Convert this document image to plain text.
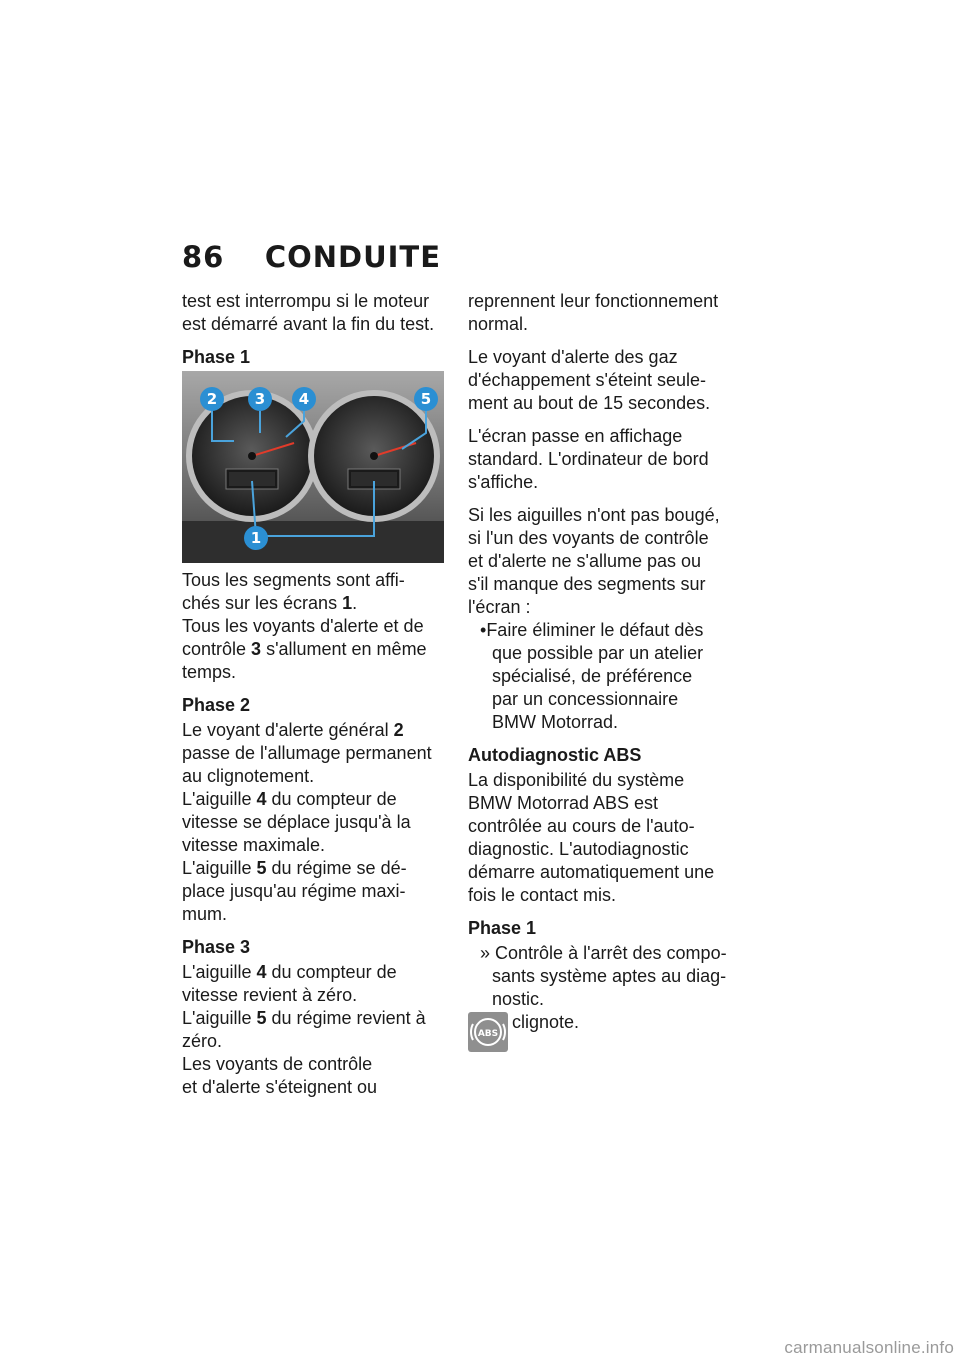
86 CONDUITE

test est interrompu si le moteur
est démarré avant la fin du test.

Phase 1

2	3 4	5
1

Tous les segments sont affi-
chés sur les écrans 1.
Tous les voyants d'alerte et de
contrôle 3 s'allument en même
temps.

Phase 2

Le voyant d'alerte général 2
passe de l'allumage permanent
au clignotement.
L'aiguille 4 du compteur de
vitesse se déplace jusqu'à la
vitesse maximale.
L'aiguille 5 du régime se dé-
place jusqu'au régime maxi-
mum.

Phase 3

L'aiguille 4 du compteur de
vitesse revient à zéro.
L'aiguille 5 du régime revient à
zéro.
Les voyants de contrôle
et d'alerte s'éteignent ou

reprennent leur fonctionnement
normal.

Le voyant d'alerte des gaz
d'échappement s'éteint seule-
ment au bout de 15 secondes.

L'écran passe en affichage
standard. L'ordinateur de bord
s'affiche.

Si les aiguilles n'ont pas bougé,
si l'un des voyants de contrôle
et d'alerte ne s'allume pas ou
s'il manque des segments sur
l'écran :

•Faire éliminer le défaut dès
que possible par un atelier
spécialisé, de préférence
par un concessionnaire
BMW Motorrad.

Autodiagnostic ABS

La disponibilité du système
BMW Motorrad ABS est
contrôlée au cours de l'auto-
diagnostic. L'autodiagnostic
démarre automatiquement une
fois le contact mis.

Phase 1

» Contrôle à l'arrêt des compo-
sants système aptes au diag-
nostic.
ABS
clignote.
carmanualsonline.info
